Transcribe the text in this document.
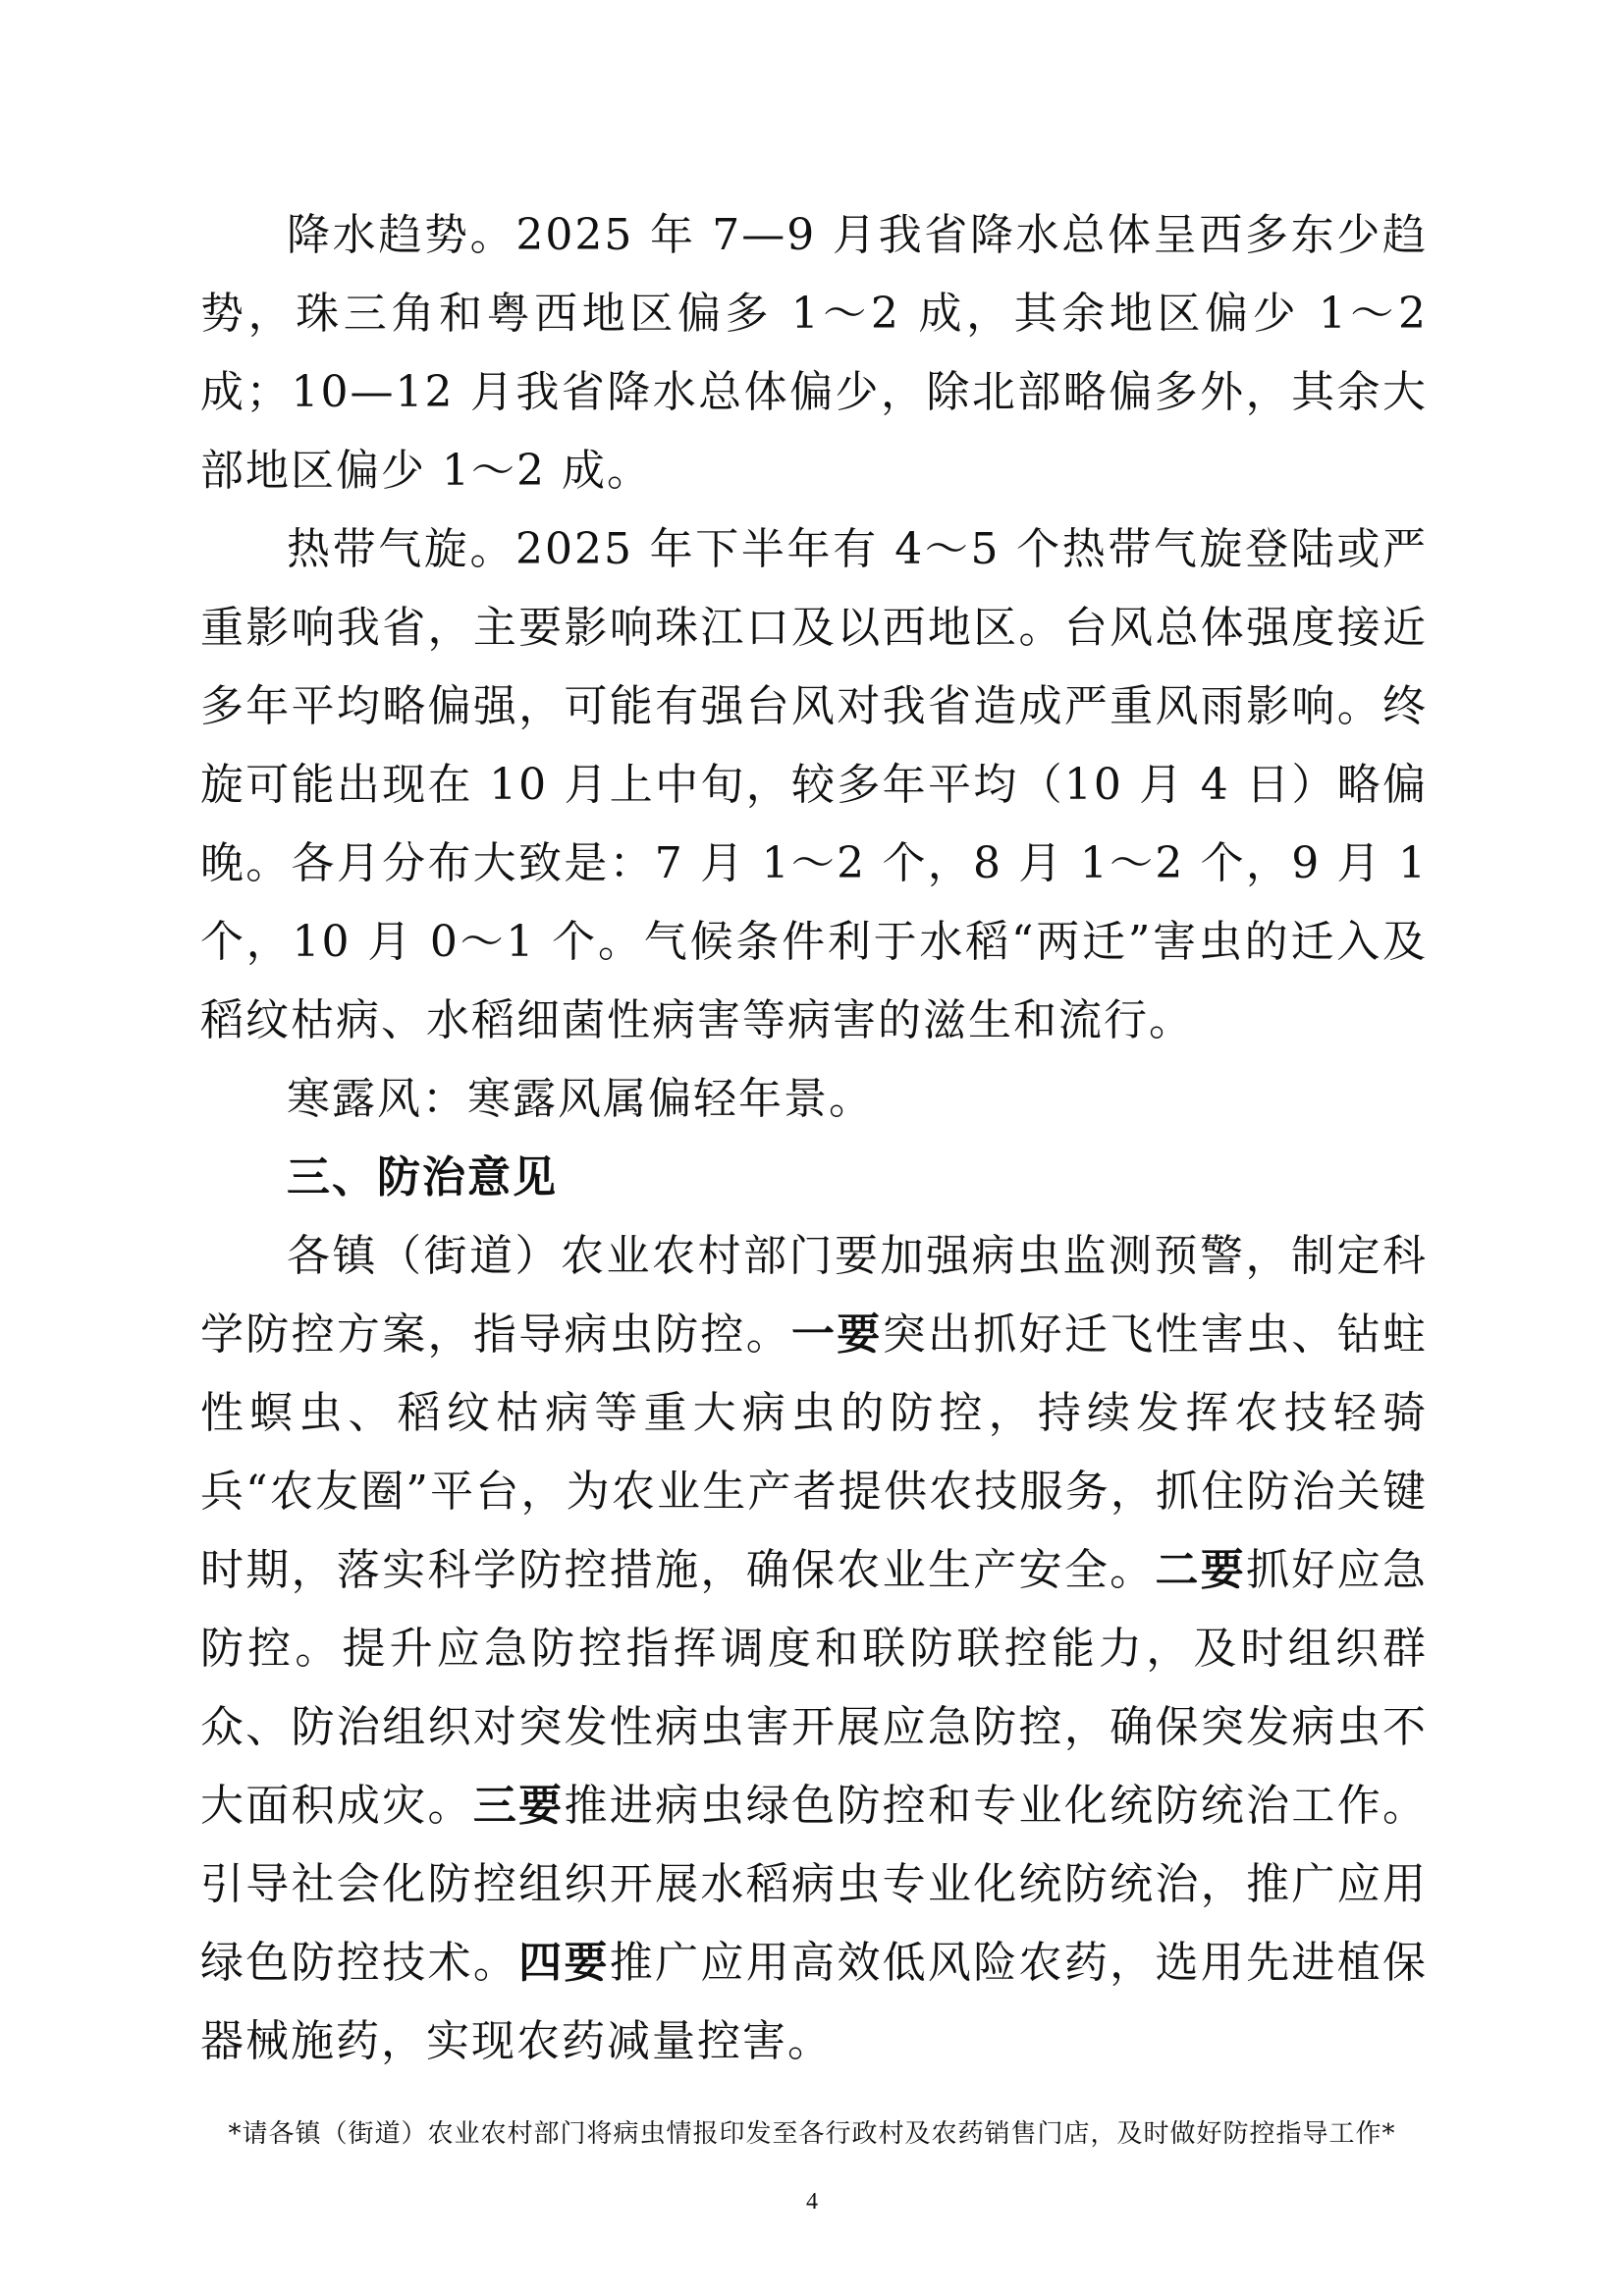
降水趋势。2025 年 7—9 月我省降水总体呈西多东少趋势，珠三角和粤西地区偏多 1～2 成，其余地区偏少 1～2 成；10—12 月我省降水总体偏少，除北部略偏多外，其余大部地区偏少 1～2 成。

热带气旋。2025 年下半年有 4～5 个热带气旋登陆或严重影响我省，主要影响珠江口及以西地区。台风总体强度接近多年平均略偏强，可能有强台风对我省造成严重风雨影响。终旋可能出现在 10 月上中旬，较多年平均（10 月 4 日）略偏晚。各月分布大致是：7 月 1～2 个，8 月 1～2 个，9 月 1 个，10 月 0～1 个。气候条件利于水稻“两迁”害虫的迁入及稻纹枯病、水稻细菌性病害等病害的滋生和流行。

寒露风：寒露风属偏轻年景。

三、防治意见

各镇（街道）农业农村部门要加强病虫监测预警，制定科学防控方案，指导病虫防控。一要突出抓好迁飞性害虫、钻蛀性螟虫、稻纹枯病等重大病虫的防控，持续发挥农技轻骑兵“农友圈”平台，为农业生产者提供农技服务，抓住防治关键时期，落实科学防控措施，确保农业生产安全。二要抓好应急防控。提升应急防控指挥调度和联防联控能力，及时组织群众、防治组织对突发性病虫害开展应急防控，确保突发病虫不大面积成灾。三要推进病虫绿色防控和专业化统防统治工作。引导社会化防控组织开展水稻病虫专业化统防统治，推广应用绿色防控技术。四要推广应用高效低风险农药，选用先进植保器械施药，实现农药减量控害。

*请各镇（街道）农业农村部门将病虫情报印发至各行政村及农药销售门店，及时做好防控指导工作*
4
